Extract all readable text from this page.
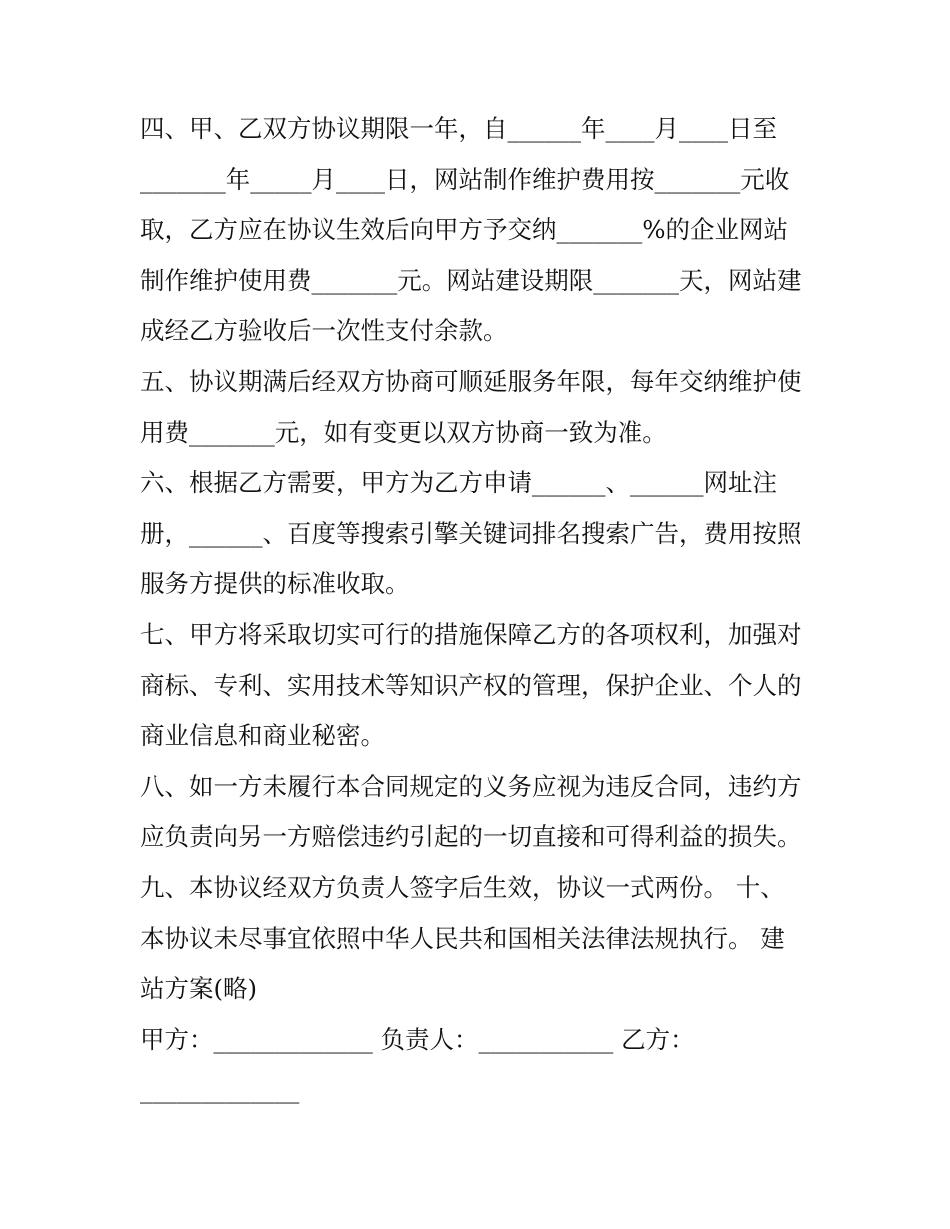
四、甲、乙双方协议期限一年，自______年____月____日至
_______年_____月____日，网站制作维护费用按_______元收
取，乙方应在协议生效后向甲方予交纳_______%的企业网站
制作维护使用费_______元。网站建设期限_______天，网站建
成经乙方验收后一次性支付余款。
五、协议期满后经双方协商可顺延服务年限，每年交纳维护使
用费_______元，如有变更以双方协商一致为准。
六、根据乙方需要，甲方为乙方申请______、______网址注
册，______、百度等搜索引擎关键词排名搜索广告，费用按照
服务方提供的标准收取。
七、甲方将采取切实可行的措施保障乙方的各项权利，加强对
商标、专利、实用技术等知识产权的管理，保护企业、个人的
商业信息和商业秘密。
八、如一方未履行本合同规定的义务应视为违反合同，违约方
应负责向另一方赔偿违约引起的一切直接和可得利益的损失。
九、本协议经双方负责人签字后生效，协议一式两份。 十、
本协议未尽事宜依照中华人民共和国相关法律法规执行。 建
站方案(略)
甲方：_____________ 负责人：___________ 乙方：
_____________
